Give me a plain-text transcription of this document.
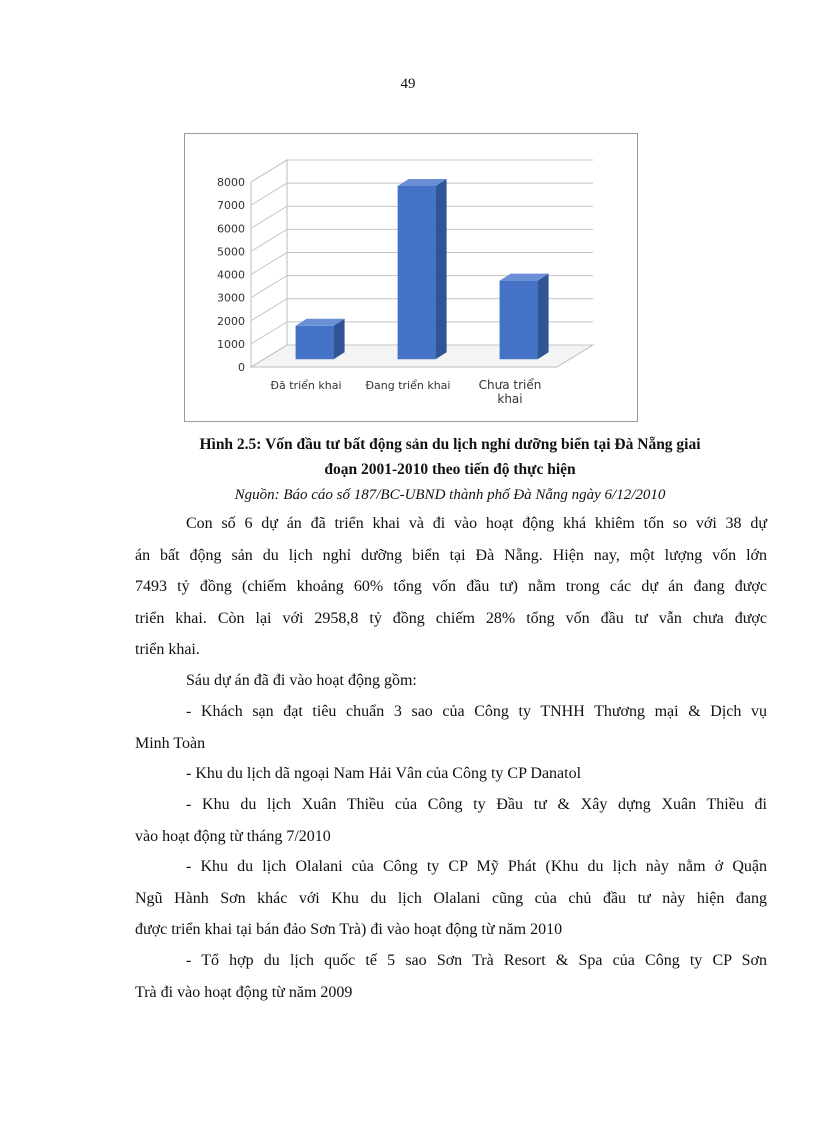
49
0
1000
2000
3000
4000
5000
6000
7000
8000
Đã triển khai Đang triển khai Chưa triển
khai
Hình 2.5: Vốn đầu tư bất động sản du lịch nghỉ dưỡng biển tại Đà Nẵng giai
đoạn 2001-2010 theo tiến độ thực hiện
Nguồn: Báo cáo số 187/BC-UBND thành phố Đà Nẵng ngày 6/12/2010
Con số 6 dự án đã triển khai và đi vào hoạt động khá khiêm tốn so với 38 dự
án bất động sản du lịch nghỉ dưỡng biển tại Đà Nẵng. Hiện nay, một lượng vốn lớn
7493 tỷ đồng (chiếm khoảng 60% tổng vốn đầu tư) nằm trong các dự án đang được
triển khai. Còn lại với 2958,8 tỷ đồng chiếm 28% tổng vốn đầu tư vẫn chưa được
triển khai.
Sáu dự án đã đi vào hoạt động gồm:
- Khách sạn đạt tiêu chuẩn 3 sao của Công ty TNHH Thương mại & Dịch vụ
Minh Toàn
- Khu du lịch dã ngoại Nam Hải Vân của Công ty CP Danatol
- Khu du lịch Xuân Thiều của Công ty Đầu tư & Xây dựng Xuân Thiều đi
vào hoạt động từ tháng 7/2010
- Khu du lịch Olalani của Công ty CP Mỹ Phát (Khu du lịch này nằm ở Quận
Ngũ Hành Sơn khác với Khu du lịch Olalani cũng của chủ đầu tư này hiện đang
được triển khai tại bán đảo Sơn Trà) đi vào hoạt động từ năm 2010
- Tổ hợp du lịch quốc tế 5 sao Sơn Trà Resort & Spa của Công ty CP Sơn
Trà đi vào hoạt động từ năm 2009
